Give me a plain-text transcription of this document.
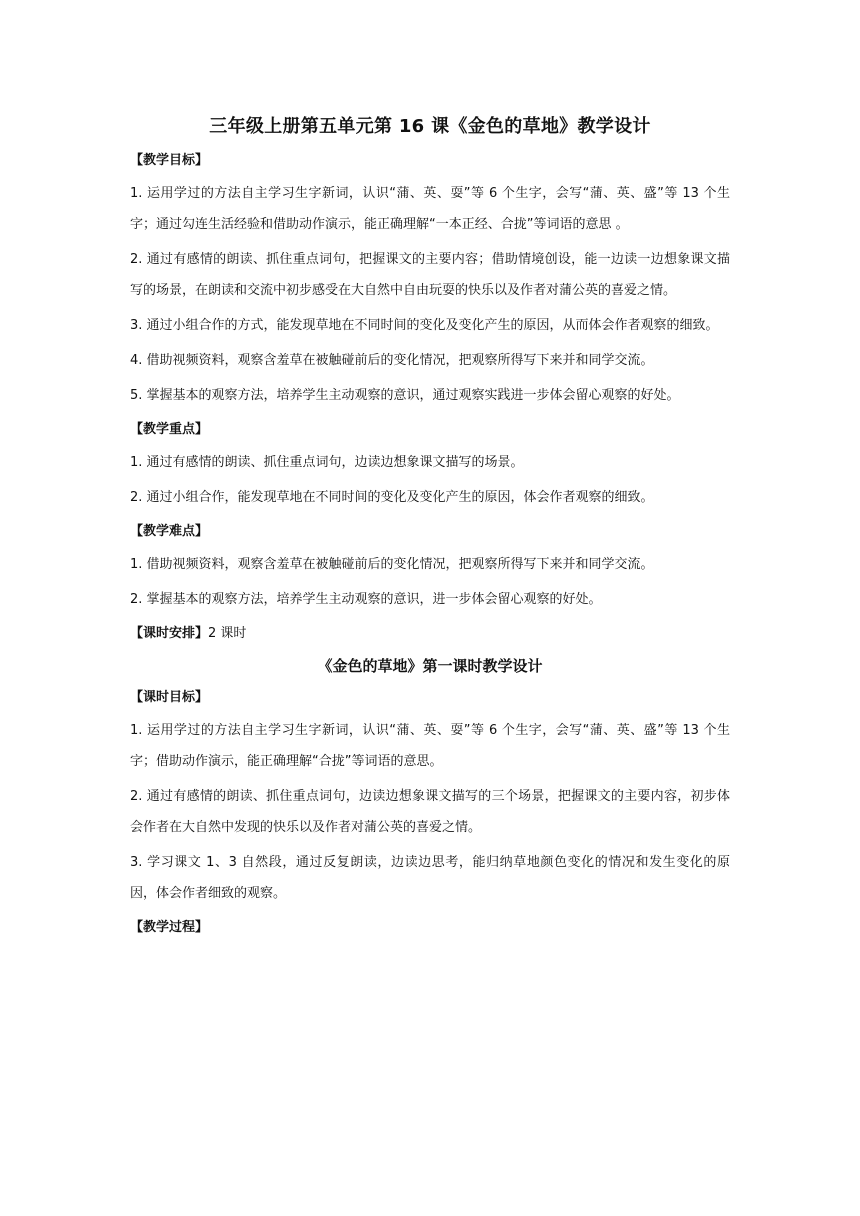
三年级上册第五单元第 16 课《金色的草地》教学设计
【教学目标】
1. 运用学过的方法自主学习生字新词，认识“蒲、英、耍”等 6 个生字，会写“蒲、英、盛”等 13 个生字；通过勾连生活经验和借助动作演示，能正确理解“一本正经、合拢”等词语的意思 。
2. 通过有感情的朗读、抓住重点词句，把握课文的主要内容；借助情境创设，能一边读一边想象课文描写的场景，在朗读和交流中初步感受在大自然中自由玩耍的快乐以及作者对蒲公英的喜爱之情。
3. 通过小组合作的方式，能发现草地在不同时间的变化及变化产生的原因，从而体会作者观察的细致。
4. 借助视频资料，观察含羞草在被触碰前后的变化情况，把观察所得写下来并和同学交流。
5. 掌握基本的观察方法，培养学生主动观察的意识，通过观察实践进一步体会留心观察的好处。
【教学重点】
1. 通过有感情的朗读、抓住重点词句，边读边想象课文描写的场景。
2. 通过小组合作，能发现草地在不同时间的变化及变化产生的原因，体会作者观察的细致。
【教学难点】
1. 借助视频资料，观察含羞草在被触碰前后的变化情况，把观察所得写下来并和同学交流。
2. 掌握基本的观察方法，培养学生主动观察的意识，进一步体会留心观察的好处。
【课时安排】2 课时
《金色的草地》第一课时教学设计
【课时目标】
1. 运用学过的方法自主学习生字新词，认识“蒲、英、耍”等 6 个生字，会写“蒲、英、盛”等 13 个生字；借助动作演示，能正确理解“合拢”等词语的意思。
2. 通过有感情的朗读、抓住重点词句，边读边想象课文描写的三个场景，把握课文的主要内容，初步体会作者在大自然中发现的快乐以及作者对蒲公英的喜爱之情。
3. 学习课文 1、3 自然段，通过反复朗读，边读边思考，能归纳草地颜色变化的情况和发生变化的原因，体会作者细致的观察。
【教学过程】
